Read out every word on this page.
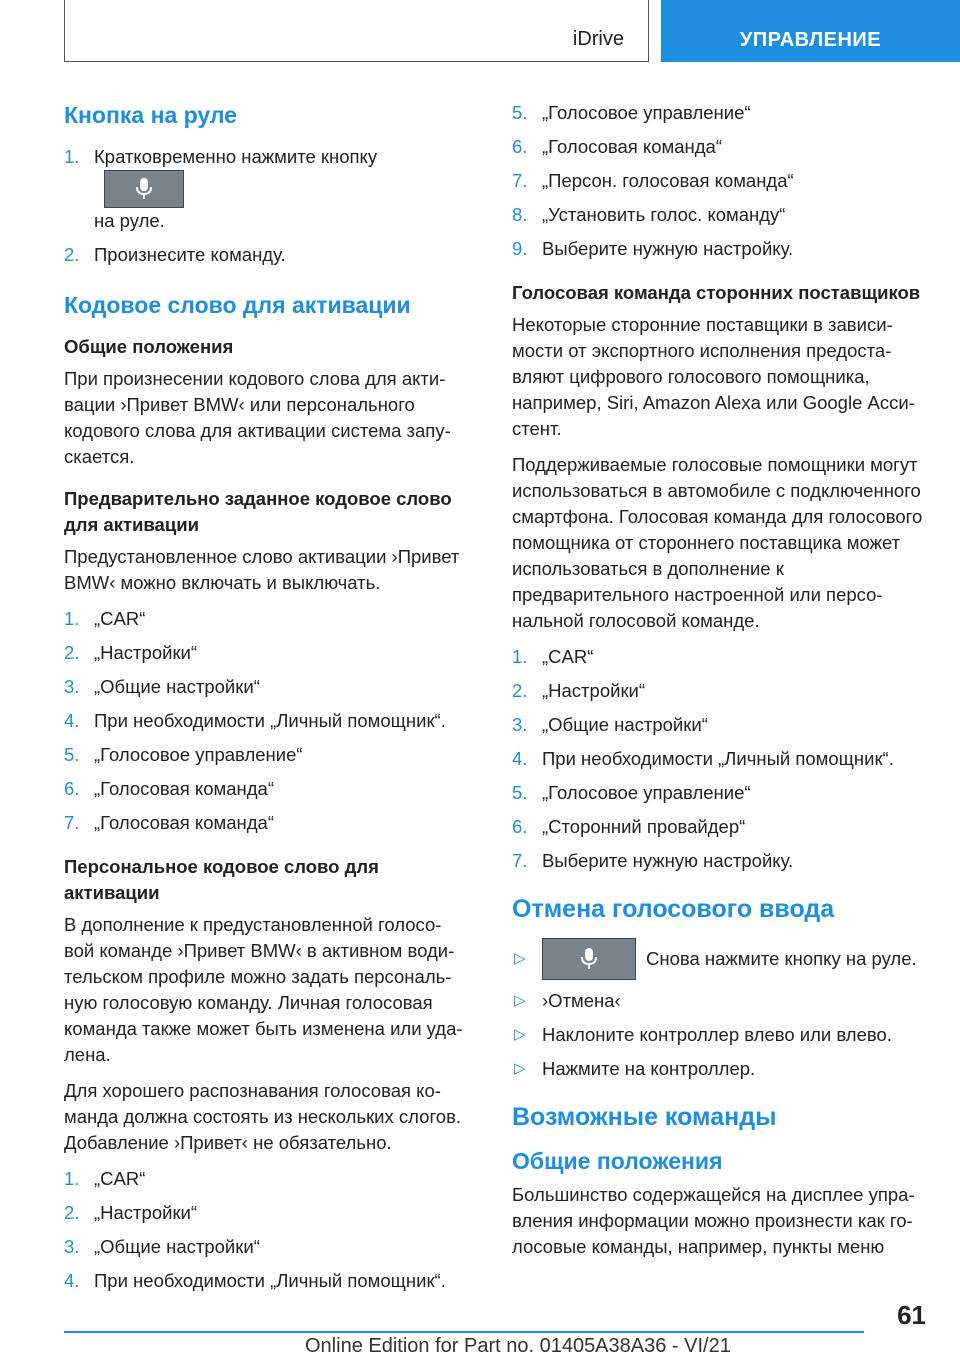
iDrive	УПРАВЛЕНИЕ
Кнопка на руле
1. Кратковременно нажмите кнопку

на руле.
2. Произнесите команду.
Кодовое слово для активации
Общие положения

При произнесении кодового слова для активации ›Привет BMW‹ или персонального кодового слова для активации система запускается.

Предварительно заданное кодовое слово для активации

Предустановленное слово активации ›Привет BMW‹ можно включать и выключать.

1. „CAR“
2. „Настройки“
3. „Общие настройки“
4. При необходимости „Личный помощник“.
5. „Голосовое управление“
6. „Голосовая команда“
7. „Голосовая команда“
Персональное кодовое слово для активации

В дополнение к предустановленной голосовой команде ›Привет BMW‹ в активном водительском профиле можно задать персональную голосовую команду. Личная голосовая команда также может быть изменена или удалена.

Для хорошего распознавания голосовая команда должна состоять из нескольких слогов. Добавление ›Привет‹ не обязательно.

1. „CAR“
2. „Настройки“
3. „Общие настройки“
4. При необходимости „Личный помощник“.
5. „Голосовое управление“
6. „Голосовая команда“
7. „Персон. голосовая команда“
8. „Установить голос. команду“
9. Выберите нужную настройку.
Голосовая команда сторонних поставщиков

Некоторые сторонние поставщики в зависимости от экспортного исполнения предоставляют цифрового голосового помощника, например, Siri, Amazon Alexa или Google Ассистент.

Поддерживаемые голосовые помощники могут использоваться в автомобиле с подключенного смартфона. Голосовая команда для голосового помощника от стороннего поставщика может использоваться в дополнение к предварительного настроенной или персональной голосовой команде.

1. „CAR“
2. „Настройки“
3. „Общие настройки“
4. При необходимости „Личный помощник“.
5. „Голосовое управление“
6. „Сторонний провайдер“
7. Выберите нужную настройку.
Отмена голосового ввода
▷	Снова нажмите кнопку на руле.
▷ ›Отмена‹
▷ Наклоните контроллер влево или влево.
▷ Нажмите на контроллер.
Возможные команды
Общие положения

Большинство содержащейся на дисплее управления информации можно произнести как голосовые команды, например, пункты меню

61
Online Edition for Part no. 01405A38A36 - VI/21
